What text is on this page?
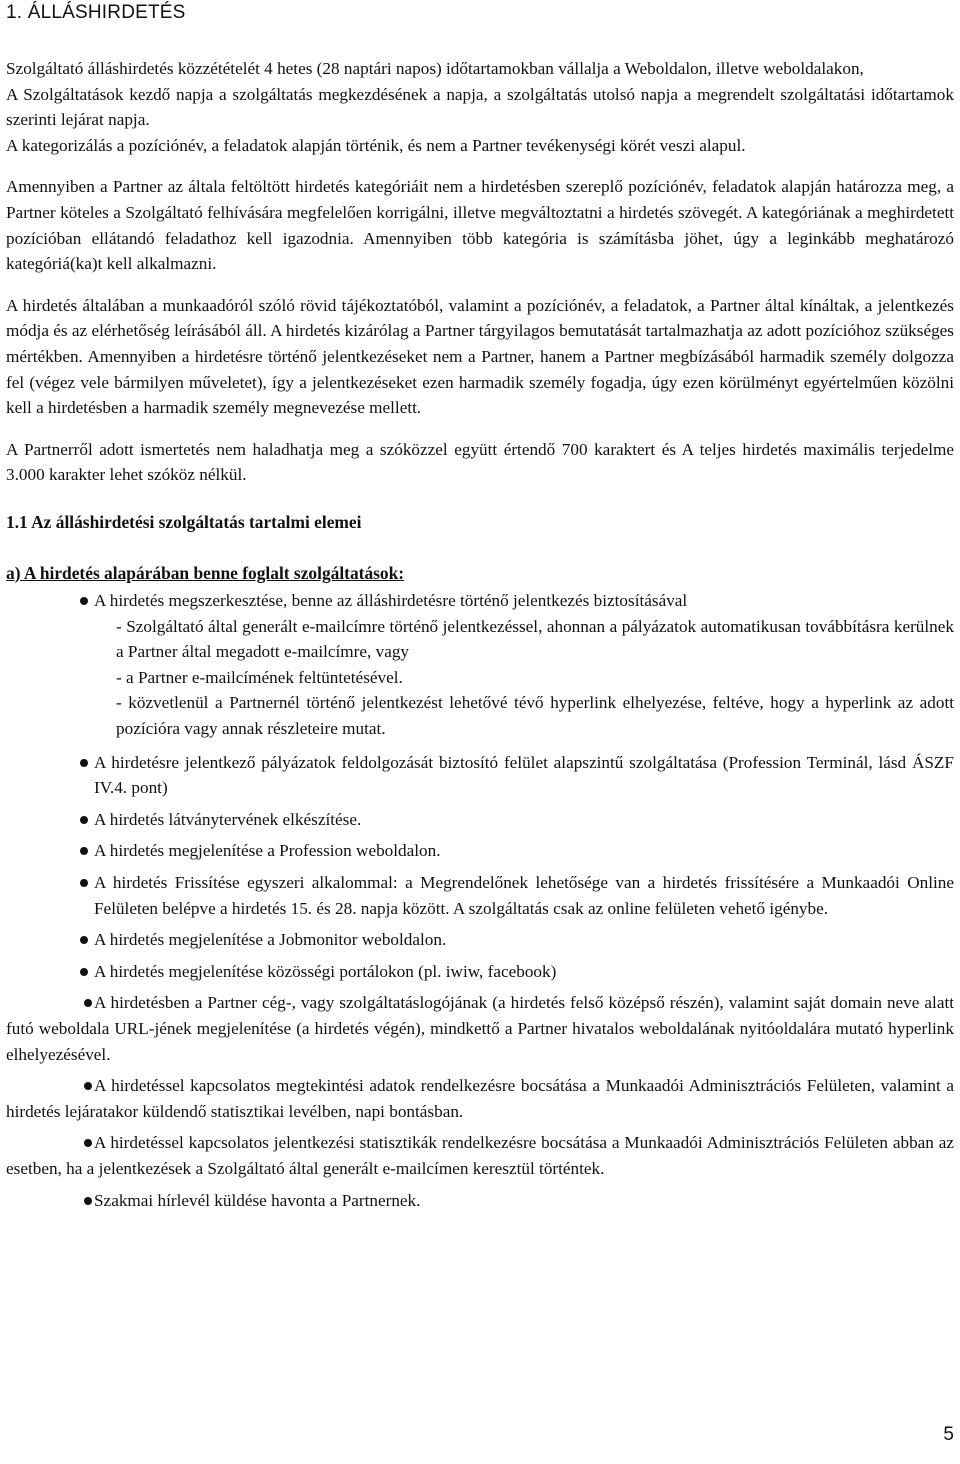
1. ÁLLÁSHIRDETÉS

Szolgáltató álláshirdetés közzétételét 4 hetes (28 naptári napos) időtartamokban vállalja a Weboldalon, illetve weboldalakon,

A Szolgáltatások kezdő napja a szolgáltatás megkezdésének a napja, a szolgáltatás utolsó napja a megrendelt szolgáltatási időtartamok szerinti lejárat napja.

A kategorizálás a pozíciónév, a feladatok alapján történik, és nem a Partner tevékenységi körét veszi alapul.

Amennyiben a Partner az általa feltöltött hirdetés kategóriáit nem a hirdetésben szereplő pozíciónév, feladatok alapján határozza meg, a Partner köteles a Szolgáltató felhívására megfelelően korrigálni, illetve megváltoztatni a hirdetés szövegét. A kategóriának a meghirdetett pozícióban ellátandó feladathoz kell igazodnia. Amennyiben több kategória is számításba jöhet, úgy a leginkább meghatározó kategóriá(ka)t kell alkalmazni.

A hirdetés általában a munkaadóról szóló rövid tájékoztatóból, valamint a pozíciónév, a feladatok, a Partner által kínáltak, a jelentkezés módja és az elérhetőség leírásából áll. A hirdetés kizárólag a Partner tárgyilagos bemutatását tartalmazhatja az adott pozícióhoz szükséges mértékben. Amennyiben a hirdetésre történő jelentkezéseket nem a Partner, hanem a Partner megbízásából harmadik személy dolgozza fel (végez vele bármilyen műveletet), így a jelentkezéseket ezen harmadik személy fogadja, úgy ezen körülményt egyértelműen közölni kell a hirdetésben a harmadik személy megnevezése mellett.

A Partnerről adott ismertetés nem haladhatja meg a szóközzel együtt értendő 700 karaktert és A teljes hirdetés maximális terjedelme 3.000 karakter lehet szóköz nélkül.

1.1 Az álláshirdetési szolgáltatás tartalmi elemei
a) A hirdetés alapárában benne foglalt szolgáltatások:
A hirdetés megszerkesztése, benne az álláshirdetésre történő jelentkezés biztosításával
- Szolgáltató által generált e-mailcímre történő jelentkezéssel, ahonnan a pályázatok automatikusan továbbításra kerülnek a Partner által megadott e-mailcímre, vagy
- a Partner e-mailcímének feltüntetésével.
- közvetlenül a Partnernél történő jelentkezést lehetővé tévő hyperlink elhelyezése, feltéve, hogy a hyperlink az adott pozícióra vagy annak részleteire mutat.
A hirdetésre jelentkező pályázatok feldolgozását biztosító felület alapszintű szolgáltatása (Profession Terminál, lásd ÁSZF IV.4. pont)
A hirdetés látványtervének elkészítése.
A hirdetés megjelenítése a Profession weboldalon.
A hirdetés Frissítése egyszeri alkalommal: a Megrendelőnek lehetősége van a hirdetés frissítésére a Munkaadói Online Felületen belépve a hirdetés 15. és 28. napja között. A szolgáltatás csak az online felületen vehető igénybe.
A hirdetés megjelenítése a Jobmonitor weboldalon.
A hirdetés megjelenítése közösségi portálokon (pl. iwiw, facebook)
A hirdetésben a Partner cég-, vagy szolgáltatáslogójának (a hirdetés felső középső részén), valamint saját domain neve alatt futó weboldala URL-jének megjelenítése (a hirdetés végén), mindkettő a Partner hivatalos weboldalának nyitóoldalára mutató hyperlink elhelyezésével.
A hirdetéssel kapcsolatos megtekintési adatok rendelkezésre bocsátása a Munkaadói Adminisztrációs Felületen, valamint a hirdetés lejáratakor küldendő statisztikai levélben, napi bontásban.
A hirdetéssel kapcsolatos jelentkezési statisztikák rendelkezésre bocsátása a Munkaadói Adminisztrációs Felületen abban az esetben, ha a jelentkezések a Szolgáltató által generált e-mailcímen keresztül történtek.
Szakmai hírlevél küldése havonta a Partnernek.
5
